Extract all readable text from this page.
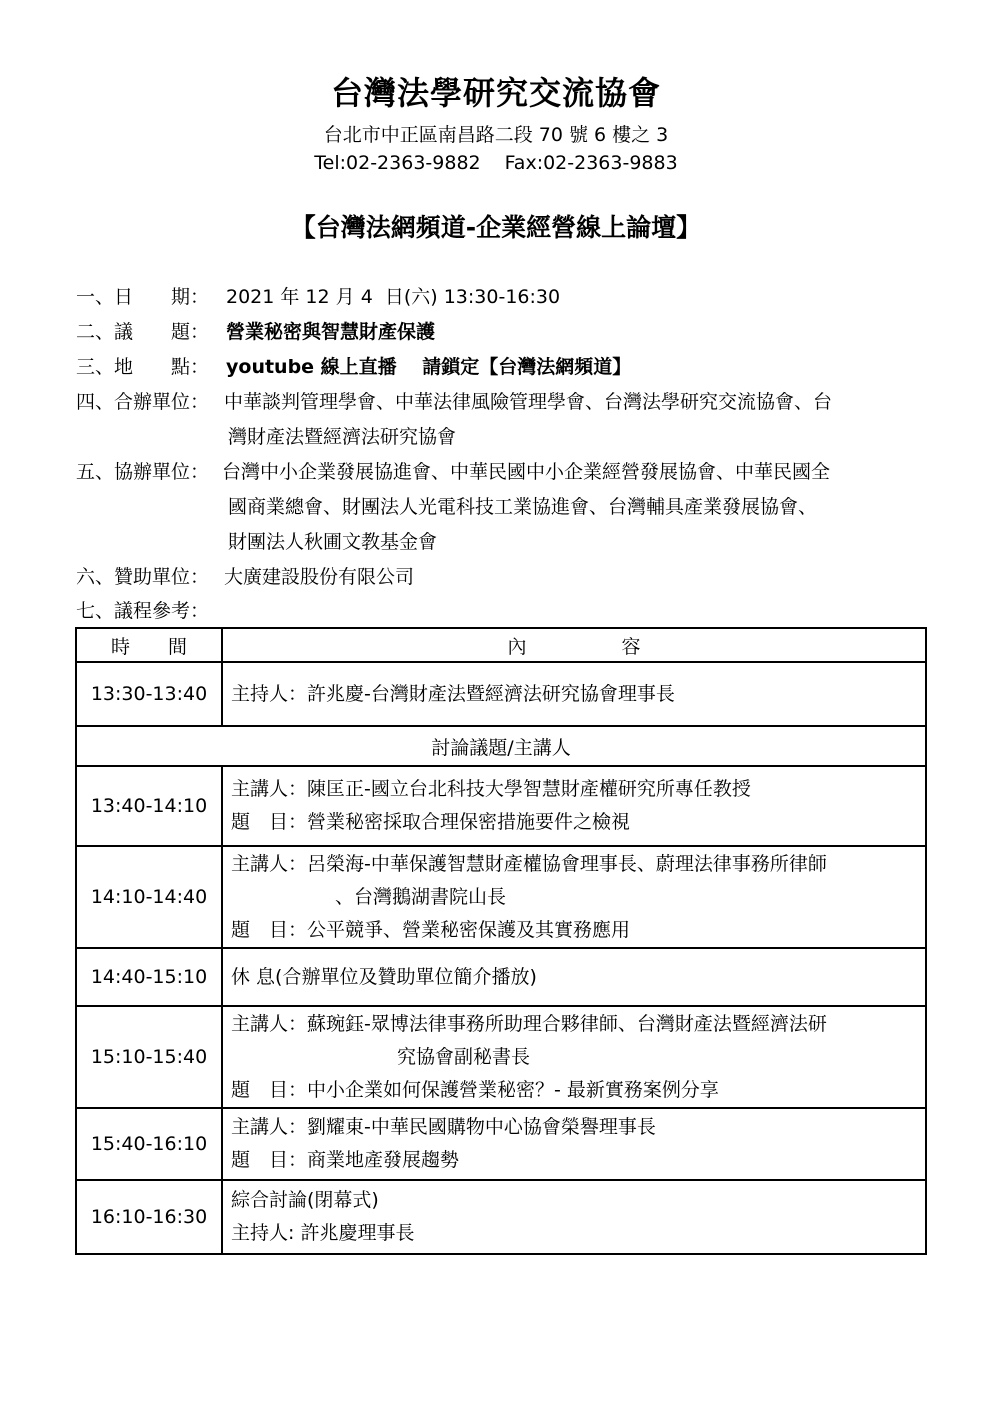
台灣法學研究交流協會
台北市中正區南昌路二段 70 號 6 樓之 3
Tel:02-2363-9882 Fax:02-2363-9883
【台灣法網頻道-企業經營線上論壇】
一、日　　期： 2021 年 12 月 4  日(六) 13:30-16:30
二、議　　題： 營業秘密與智慧財產保護
三、地　　點： youtube 線上直播　 請鎖定【台灣法網頻道】
四、合辦單位： 中華談判管理學會、中華法律風險管理學會、台灣法學研究交流協會、台
灣財產法暨經濟法研究協會
五、協辦單位： 台灣中小企業發展協進會、中華民國中小企業經營發展協會、中華民國全
國商業總會、財團法人光電科技工業協進會、台灣輔具產業發展協會、
財團法人秋圃文教基金會
六、贊助單位： 大廣建設股份有限公司
七、議程參考：
時　　間	內　　　　　容
13:30-13:40	主持人：許兆慶-台灣財產法暨經濟法研究協會理事長

討論議題/主講人	
13:40-14:10	主講人：陳匡正-國立台北科技大學智慧財產權研究所專任教授
題　目：營業秘密採取合理保密措施要件之檢視

14:10-14:40	主講人：呂榮海-中華保護智慧財產權協會理事長、蔚理法律事務所律師
、台灣鵝湖書院山長
題　目：公平競爭、營業秘密保護及其實務應用

14:40-15:10	休 息(合辦單位及贊助單位簡介播放)

15:10-15:40	主講人：蘇琬鈺-眾博法律事務所助理合夥律師、台灣財產法暨經濟法研
究協會副秘書長
題　目：中小企業如何保護營業秘密？- 最新實務案例分享

15:40-16:10	主講人：劉耀東-中華民國購物中心協會榮譽理事長
題　目：商業地產發展趨勢

16:10-16:30	綜合討論(閉幕式)
主持人: 許兆慶理事長
